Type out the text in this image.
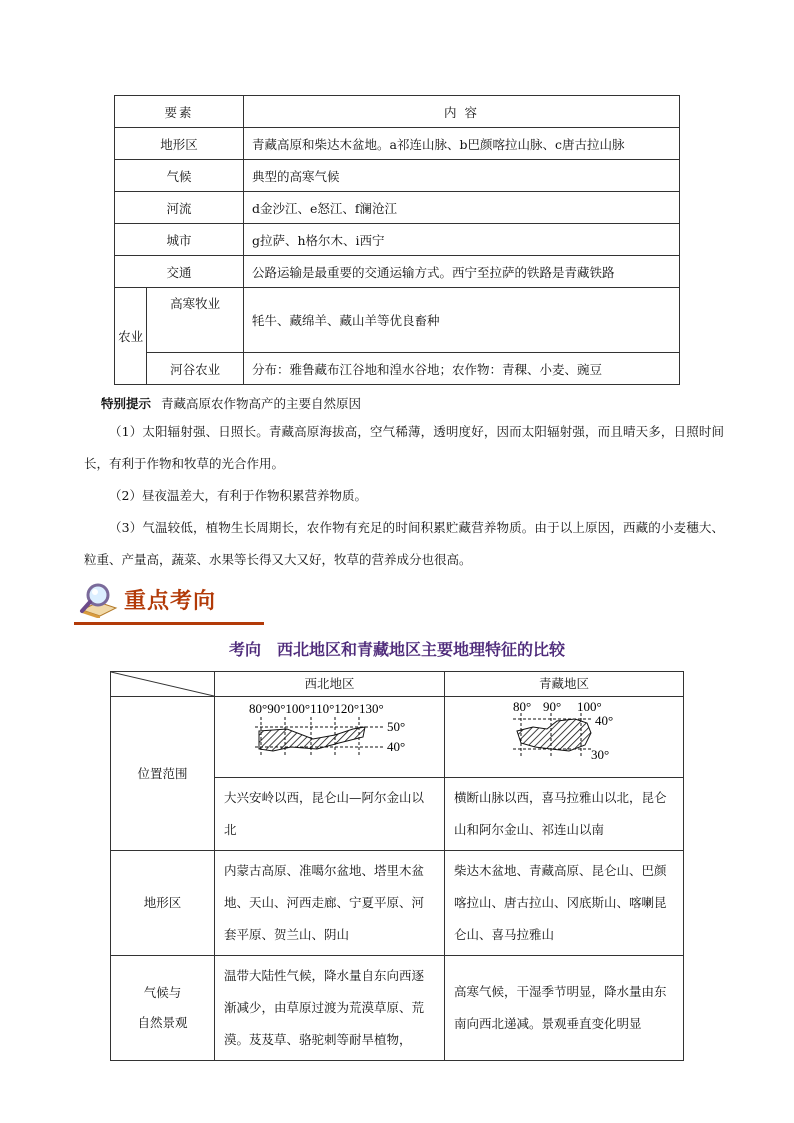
要素		内 容
地形区		青藏高原和柴达木盆地。a祁连山脉、b巴颜喀拉山脉、c唐古拉山脉
气候		典型的高寒气候
河流		d金沙江、e怒江、f澜沧江
城市		g拉萨、h格尔木、i西宁
交通		公路运输是最重要的交通运输方式。西宁至拉萨的铁路是青藏铁路
农业	高寒牧业	牦牛、藏绵羊、藏山羊等优良畜种
	河谷农业	分布：雅鲁藏布江谷地和湟水谷地；农作物：青稞、小麦、豌豆
特别提示 青藏高原农作物高产的主要自然原因
（1）太阳辐射强、日照长。青藏高原海拔高，空气稀薄，透明度好，因而太阳辐射强，而且晴天多，日照时间长，有利于作物和牧草的光合作用。
（2）昼夜温差大，有利于作物积累营养物质。
（3）气温较低，植物生长周期长，农作物有充足的时间积累贮藏营养物质。由于以上原因，西藏的小麦穗大、粒重、产量高，蔬菜、水果等长得又大又好，牧草的营养成分也很高。
重点考向
考向　西北地区和青藏地区主要地理特征的比较
	西北地区	青藏地区
位置范围	80°90°100°110°120°130°
50°
40°	80° 90° 100°
40°
30°

	大兴安岭以西，昆仑山—阿尔金山以北	横断山脉以西，喜马拉雅山以北，昆仑山和阿尔金山、祁连山以南
地形区	内蒙古高原、准噶尔盆地、塔里木盆地、天山、河西走廊、宁夏平原、河套平原、贺兰山、阴山	柴达木盆地、青藏高原、昆仑山、巴颜喀拉山、唐古拉山、冈底斯山、喀喇昆仑山、喜马拉雅山

气候与
自然景观	温带大陆性气候，降水量自东向西逐渐减少，由草原过渡为荒漠草原、荒漠。芨芨草、骆驼刺等耐旱植物，	高寒气候，干湿季节明显，降水量由东南向西北递减。景观垂直变化明显
